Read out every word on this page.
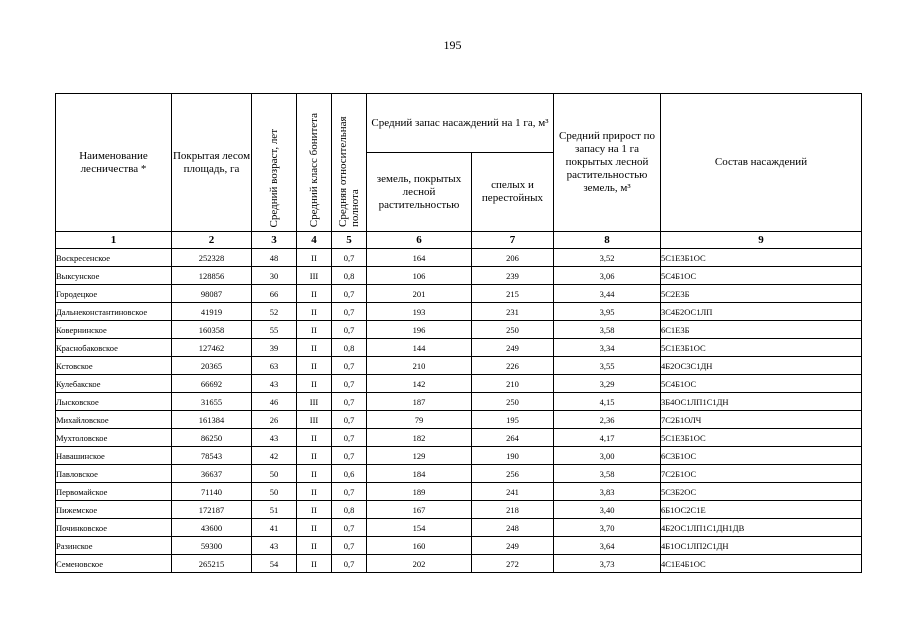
195
Наименование лесничества *	Покрытая лесом площадь, га	Средний возраст, лет	Средний класс бонитета	Средняя относительная полнота	Средний запас насаждений на 1 га, м³		Средний прирост по запасу на 1 га покрытых лесной растительностью земель, м³	Состав насаждений
					земель, покрытых лесной растительностью	спелых и перестойных		
1	2	3	4	5	6	7	8	9
Воскресенское	252328	48	II	0,7	164	206	3,52	5С1Е3Б1ОС
Выксунское	128856	30	III	0,8	106	239	3,06	5С4Б1ОС
Городецкое	98087	66	II	0,7	201	215	3,44	5С2Е3Б
Дальнеконстантиновское	41919	52	II	0,7	193	231	3,95	3С4Б2ОС1ЛП
Ковернинское	160358	55	II	0,7	196	250	3,58	6С1Е3Б
Краснобаковское	127462	39	II	0,8	144	249	3,34	5С1Е3Б1ОС
Кстовское	20365	63	II	0,7	210	226	3,55	4Б2ОС3С1ДН
Кулебакское	66692	43	II	0,7	142	210	3,29	5С4Б1ОС
Лысковское	31655	46	III	0,7	187	250	4,15	3Б4ОС1ЛП1С1ДН
Михайловское	161384	26	III	0,7	79	195	2,36	7С2Б1ОЛЧ
Мухтоловское	86250	43	II	0,7	182	264	4,17	5С1Е3Б1ОС
Навашинское	78543	42	II	0,7	129	190	3,00	6С3Б1ОС
Павловское	36637	50	II	0,6	184	256	3,58	7С2Б1ОС
Первомайское	71140	50	II	0,7	189	241	3,83	5С3Б2ОС
Пижемское	172187	51	II	0,8	167	218	3,40	6Б1ОС2С1Е
Починковское	43600	41	II	0,7	154	248	3,70	4Б2ОС1ЛП1С1ДН1ДВ
Разинское	59300	43	II	0,7	160	249	3,64	4Б1ОС1ЛП2С1ДН
Семеновское	265215	54	II	0,7	202	272	3,73	4С1Е4Б1ОС
